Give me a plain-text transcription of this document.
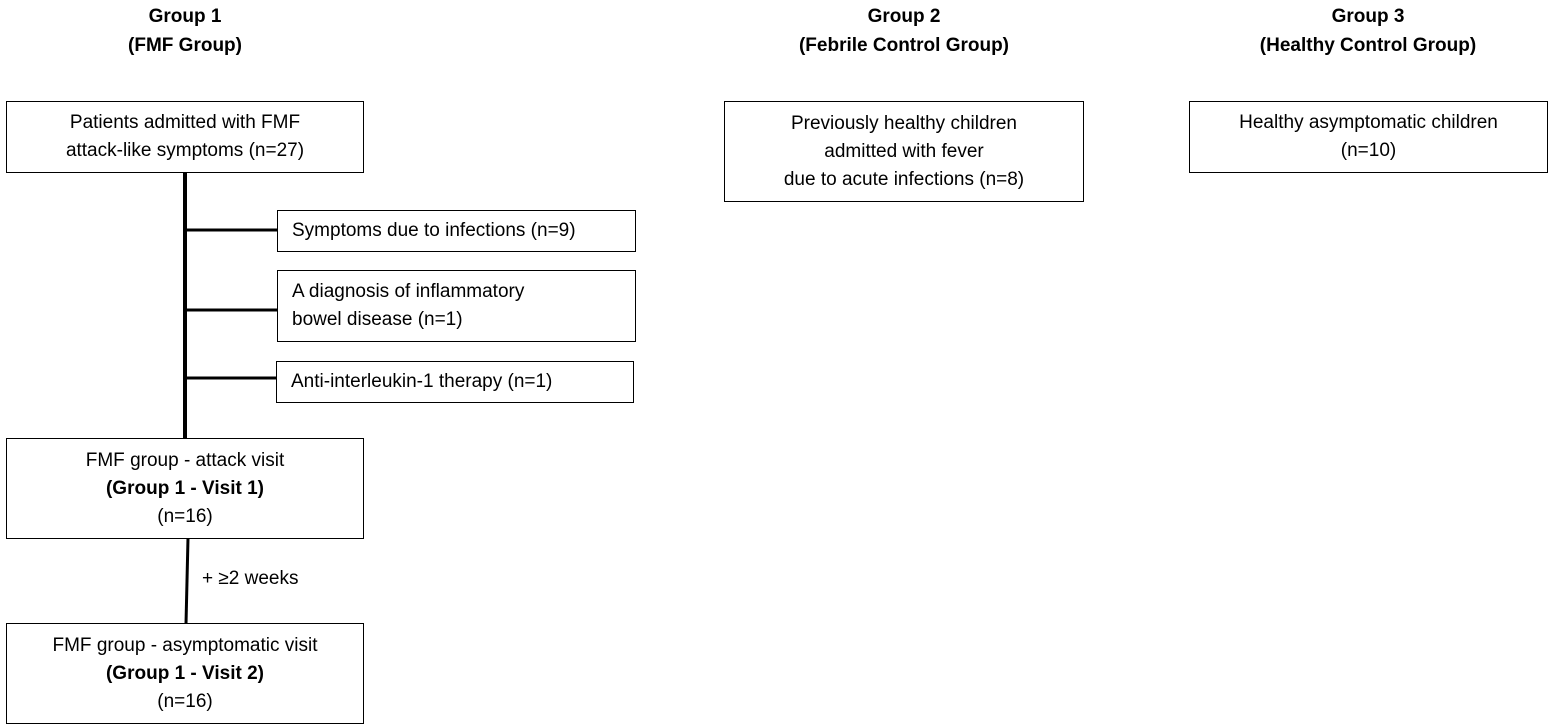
Group 1
(FMF Group)
Group 2
(Febrile Control Group)
Group 3
(Healthy Control Group)
Patients admitted with FMF
attack-like symptoms (n=27)
Symptoms due to infections (n=9)
A diagnosis of inflammatory
bowel disease (n=1)
Anti-interleukin-1 therapy (n=1)
FMF group - attack visit
(Group 1 - Visit 1)
(n=16)
+ ≥2 weeks
FMF group - asymptomatic visit
(Group 1 - Visit 2)
(n=16)
Previously healthy children
admitted with fever
due to acute infections (n=8)
Healthy asymptomatic children
(n=10)
